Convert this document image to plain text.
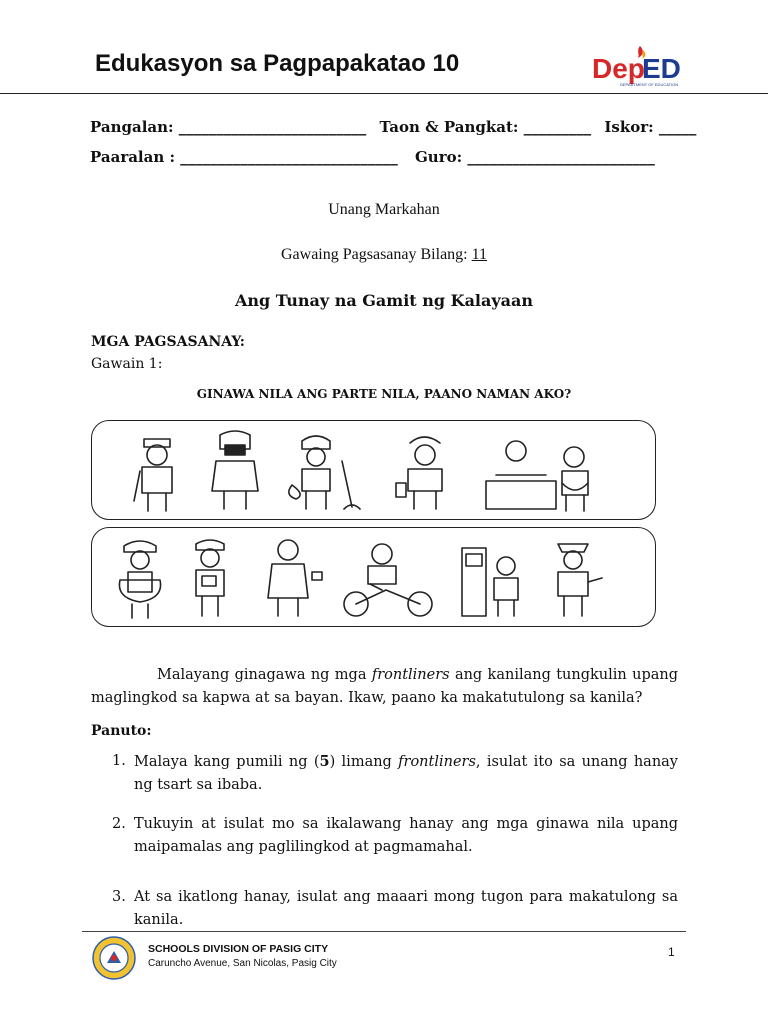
Edukasyon sa Pagpapakatao 10	Dep
ED
DEPARTMENT OF EDUCATION
Pangalan: _________________________ Taon & Pangkat: _________ Iskor: _____
Paaralan : _____________________________ Guro: _________________________
Unang Markahan
Gawaing Pagsasanay Bilang: 11
Ang Tunay na Gamit ng Kalayaan
MGA PAGSASANAY:
Gawain 1:
GINAWA NILA ANG PARTE NILA, PAANO NAMAN AKO?
Malayang ginagawa ng mga frontliners ang kanilang tungkulin upang maglingkod sa kapwa at sa bayan. Ikaw, paano ka makatutulong sa kanila?
Panuto:
1. Malaya kang pumili ng (5) limang frontliners, isulat ito sa unang hanay ng tsart sa ibaba.
2. Tukuyin at isulat mo sa ikalawang hanay ang mga ginawa nila upang maipamalas ang paglilingkod at pagmamahal.
3. At sa ikatlong hanay, isulat ang maaari mong tugon para makatulong sa kanila.
SCHOOLS DIVISION OF PASIG CITY
Caruncho Avenue, San Nicolas, Pasig City
1
